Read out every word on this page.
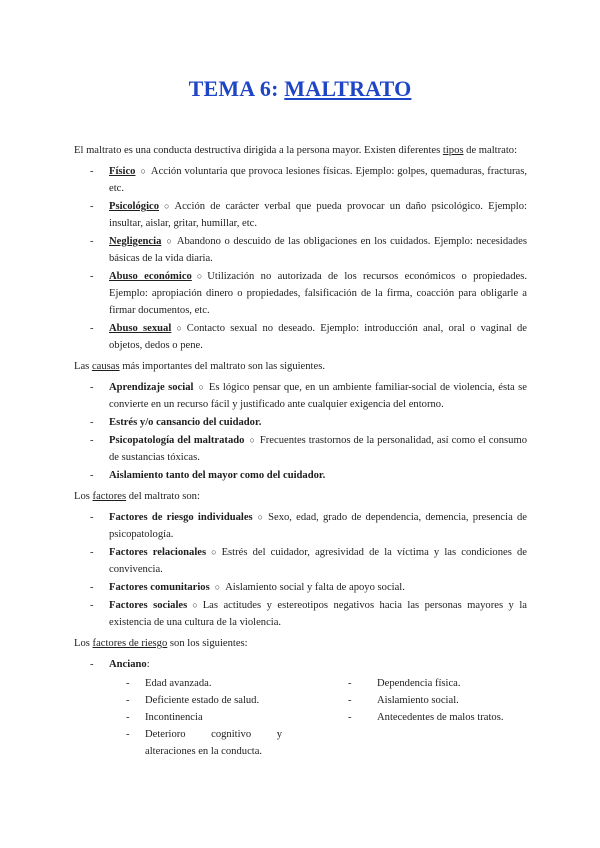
TEMA 6: MALTRATO

El maltrato es una conducta destructiva dirigida a la persona mayor. Existen diferentes tipos de maltrato:

- Físico ○ Acción voluntaria que provoca lesiones físicas. Ejemplo: golpes, quemaduras, fracturas, etc.
- Psicológico ○ Acción de carácter verbal que pueda provocar un daño psicológico. Ejemplo: insultar, aislar, gritar, humillar, etc.
- Negligencia ○ Abandono o descuido de las obligaciones en los cuidados. Ejemplo: necesidades básicas de la vida diaria.
- Abuso económico ○ Utilización no autorizada de los recursos económicos o propiedades. Ejemplo: apropiación dinero o propiedades, falsificación de la firma, coacción para obligarle a firmar documentos, etc.
- Abuso sexual ○ Contacto sexual no deseado. Ejemplo: introducción anal, oral o vaginal de objetos, dedos o pene.

Las causas más importantes del maltrato son las siguientes.

- Aprendizaje social ○ Es lógico pensar que, en un ambiente familiar-social de violencia, ésta se convierte en un recurso fácil y justificado ante cualquier exigencia del entorno.
- Estrés y/o cansancio del cuidador.
- Psicopatología del maltratado ○ Frecuentes trastornos de la personalidad, así como el consumo de sustancias tóxicas.
- Aislamiento tanto del mayor como del cuidador.

Los factores del maltrato son:

- Factores de riesgo individuales ○ Sexo, edad, grado de dependencia, demencia, presencia de psicopatología.
- Factores relacionales ○ Estrés del cuidador, agresividad de la víctima y las condiciones de convivencia.
- Factores comunitarios ○ Aislamiento social y falta de apoyo social.
- Factores sociales ○ Las actitudes y estereotipos negativos hacia las personas mayores y la existencia de una cultura de la violencia.

Los factores de riesgo son los siguientes:

- Anciano:
- Edad avanzada.
- Deficiente estado de salud.
- Incontinencia
- Deterioro cognitivo y alteraciones en la conducta.
- Dependencia física.
- Aislamiento social.
- Antecedentes de malos tratos.
